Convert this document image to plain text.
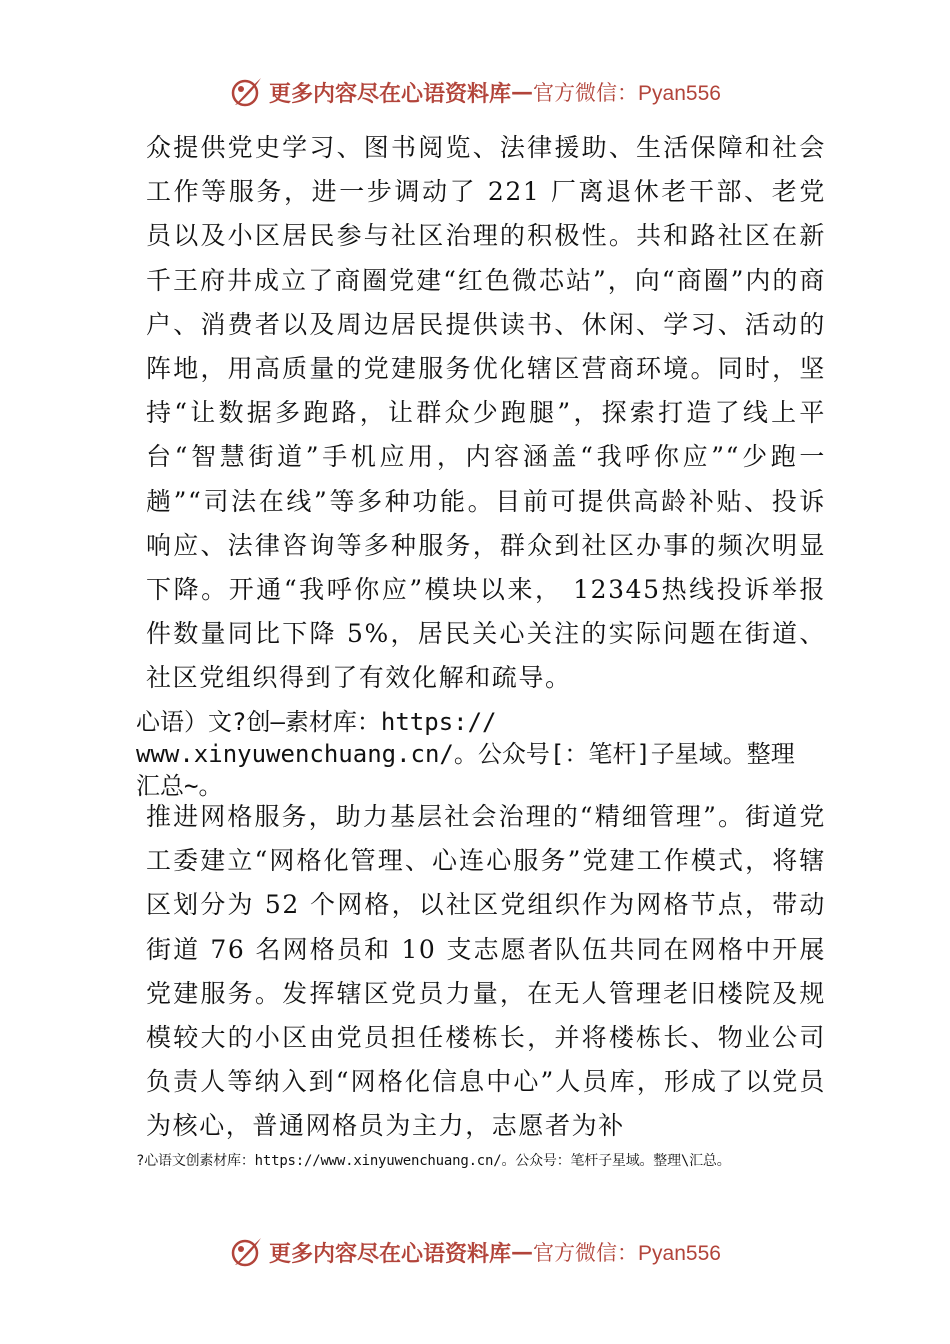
更多内容尽在心语资料库 — 官方微信：Pyan556

众提供党史学习、图书阅览、法律援助、生活保障和社会工作等服务，进一步调动了 221 厂离退休老干部、老党员以及小区居民参与社区治理的积极性。共和路社区在新千王府井成立了商圈党建“红色微芯站”，向“商圈”内的商户、消费者以及周边居民提供读书、休闲、学习、活动的阵地，用高质量的党建服务优化辖区营商环境。同时，坚持“让数据多跑路，让群众少跑腿”，探索打造了线上平台“智慧街道”手机应用，内容涵盖“我呼你应”“少跑一趟”“司法在线”等多种功能。目前可提供高龄补贴、投诉响应、法律咨询等多种服务，群众到社区办事的频次明显下降。开通“我呼你应”模块以来， 12345热线投诉举报件数量同比下降 5%，居民关心关注的实际问题在街道、社区党组织得到了有效化解和疏导。

心语）文?创—素材库：https://
www.xinyuwenchuang.cn/。公众号[：笔杆]子星域。整理
汇总~。

推进网格服务，助力基层社会治理的“精细管理”。街道党工委建立“网格化管理、心连心服务”党建工作模式，将辖区划分为 52 个网格，以社区党组织作为网格节点，带动街道 76 名网格员和 10 支志愿者队伍共同在网格中开展党建服务。发挥辖区党员力量，在无人管理老旧楼院及规模较大的小区由党员担任楼栋长，并将楼栋长、物业公司负责人等纳入到“网格化信息中心”人员库，形成了以党员为核心，普通网格员为主力，志愿者为补

?心语文创素材库：https://www.xinyuwenchuang.cn/。公众号：笔杆子星域。整理\汇总。
更多内容尽在心语资料库 — 官方微信：Pyan556
